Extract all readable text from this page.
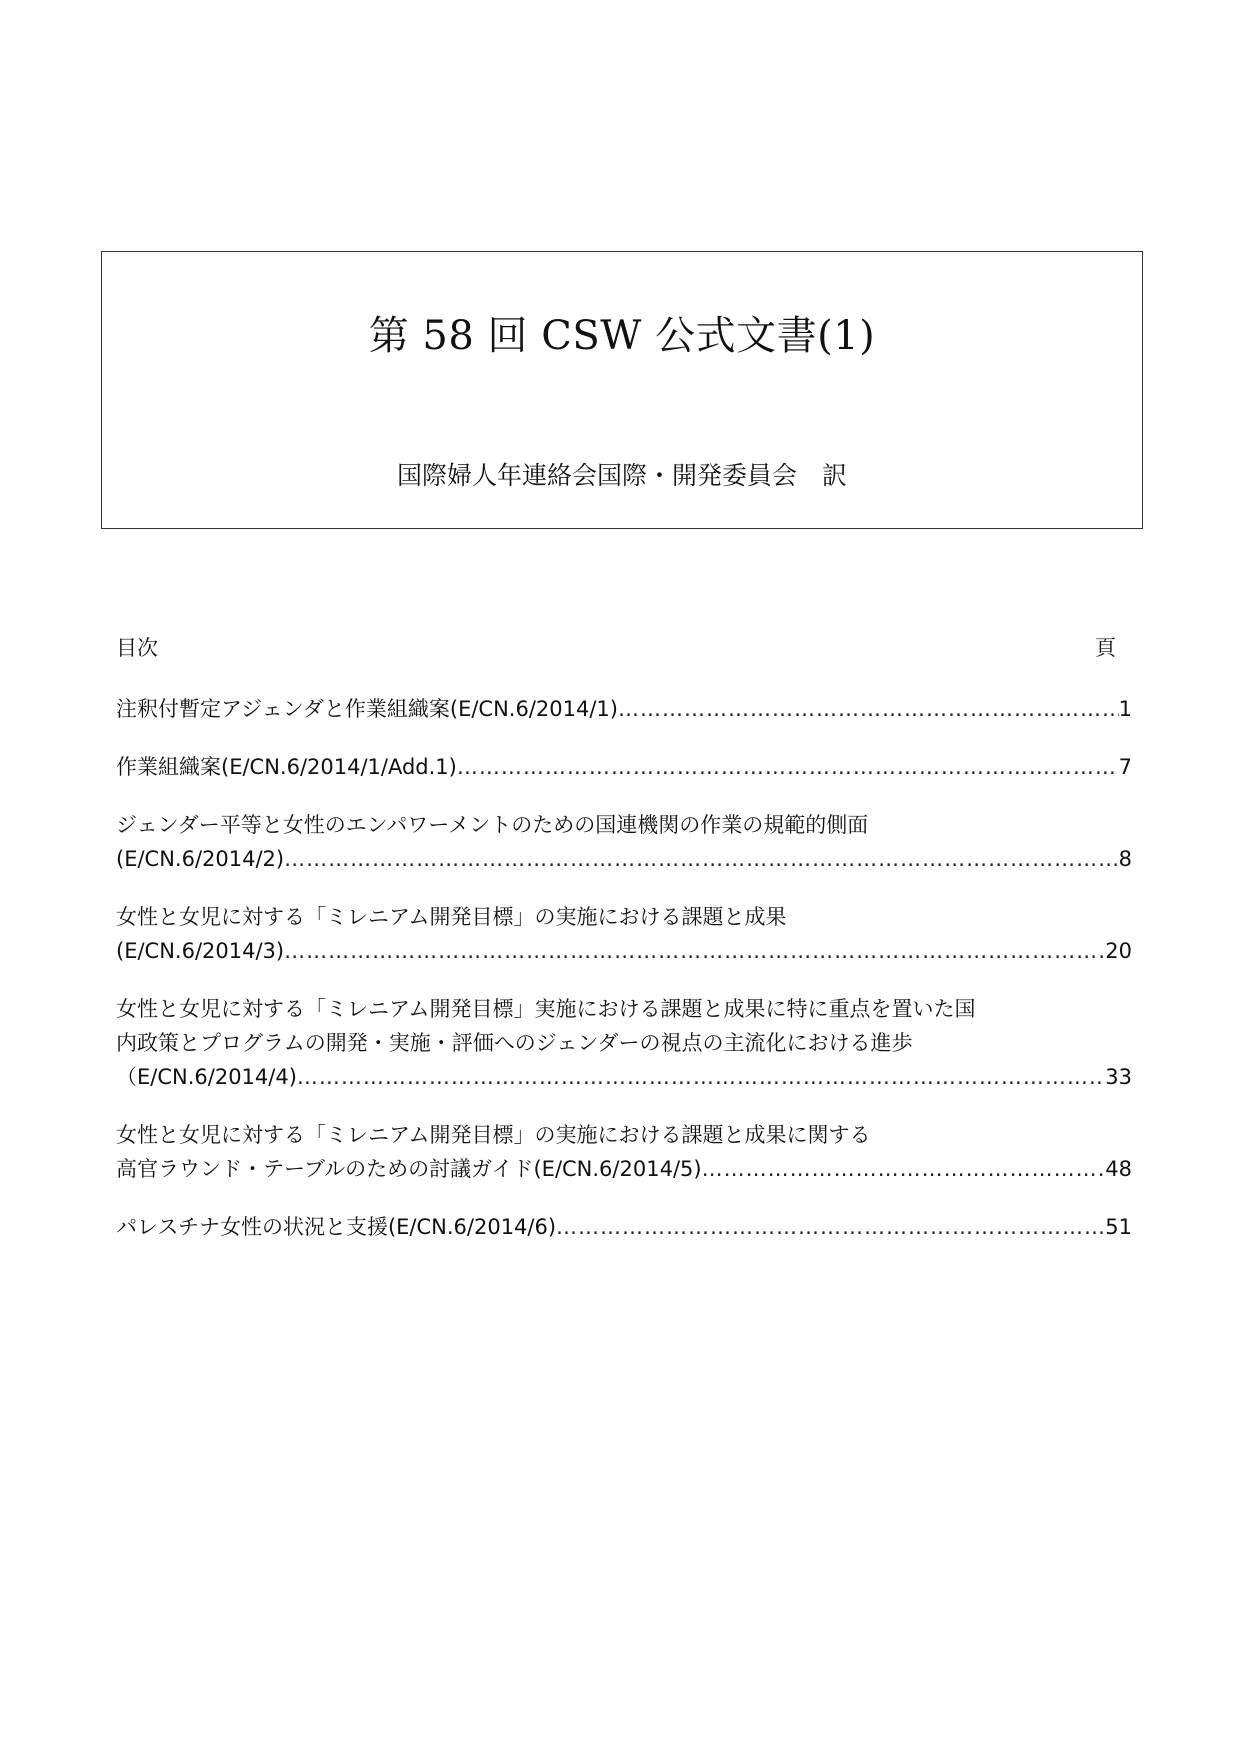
第 58 回 CSW 公式文書(1)
国際婦人年連絡会国際・開発委員会　訳
目次	頁
注釈付暫定アジェンダと作業組織案(E/CN.6/2014/1) …………………………………………………………………………………………………………………………………………………………………………………………………………………	1
作業組織案(E/CN.6/2014/1/Add.1) …………………………………………………………………………………………………………………………………………………………………………………………………………………	7
ジェンダー平等と女性のエンパワーメントのための国連機関の作業の規範的側面
(E/CN.6/2014/2) …………………………………………………………………………………………………………………………………………………………………………………………………………………	8
女性と女児に対する「ミレニアム開発目標」の実施における課題と成果
(E/CN.6/2014/3) …………………………………………………………………………………………………………………………………………………………………………………………………………………	20
女性と女児に対する「ミレニアム開発目標」実施における課題と成果に特に重点を置いた国
内政策とプログラムの開発・実施・評価へのジェンダーの視点の主流化における進歩
（E/CN.6/2014/4) …………………………………………………………………………………………………………………………………………………………………………………………………………………	33
女性と女児に対する「ミレニアム開発目標」の実施における課題と成果に関する
高官ラウンド・テーブルのための討議ガイド(E/CN.6/2014/5) …………………………………………………………………………………………………………………………………………………………………………………………………………………	48
パレスチナ女性の状況と支援(E/CN.6/2014/6) …………………………………………………………………………………………………………………………………………………………………………………………………………………	51
